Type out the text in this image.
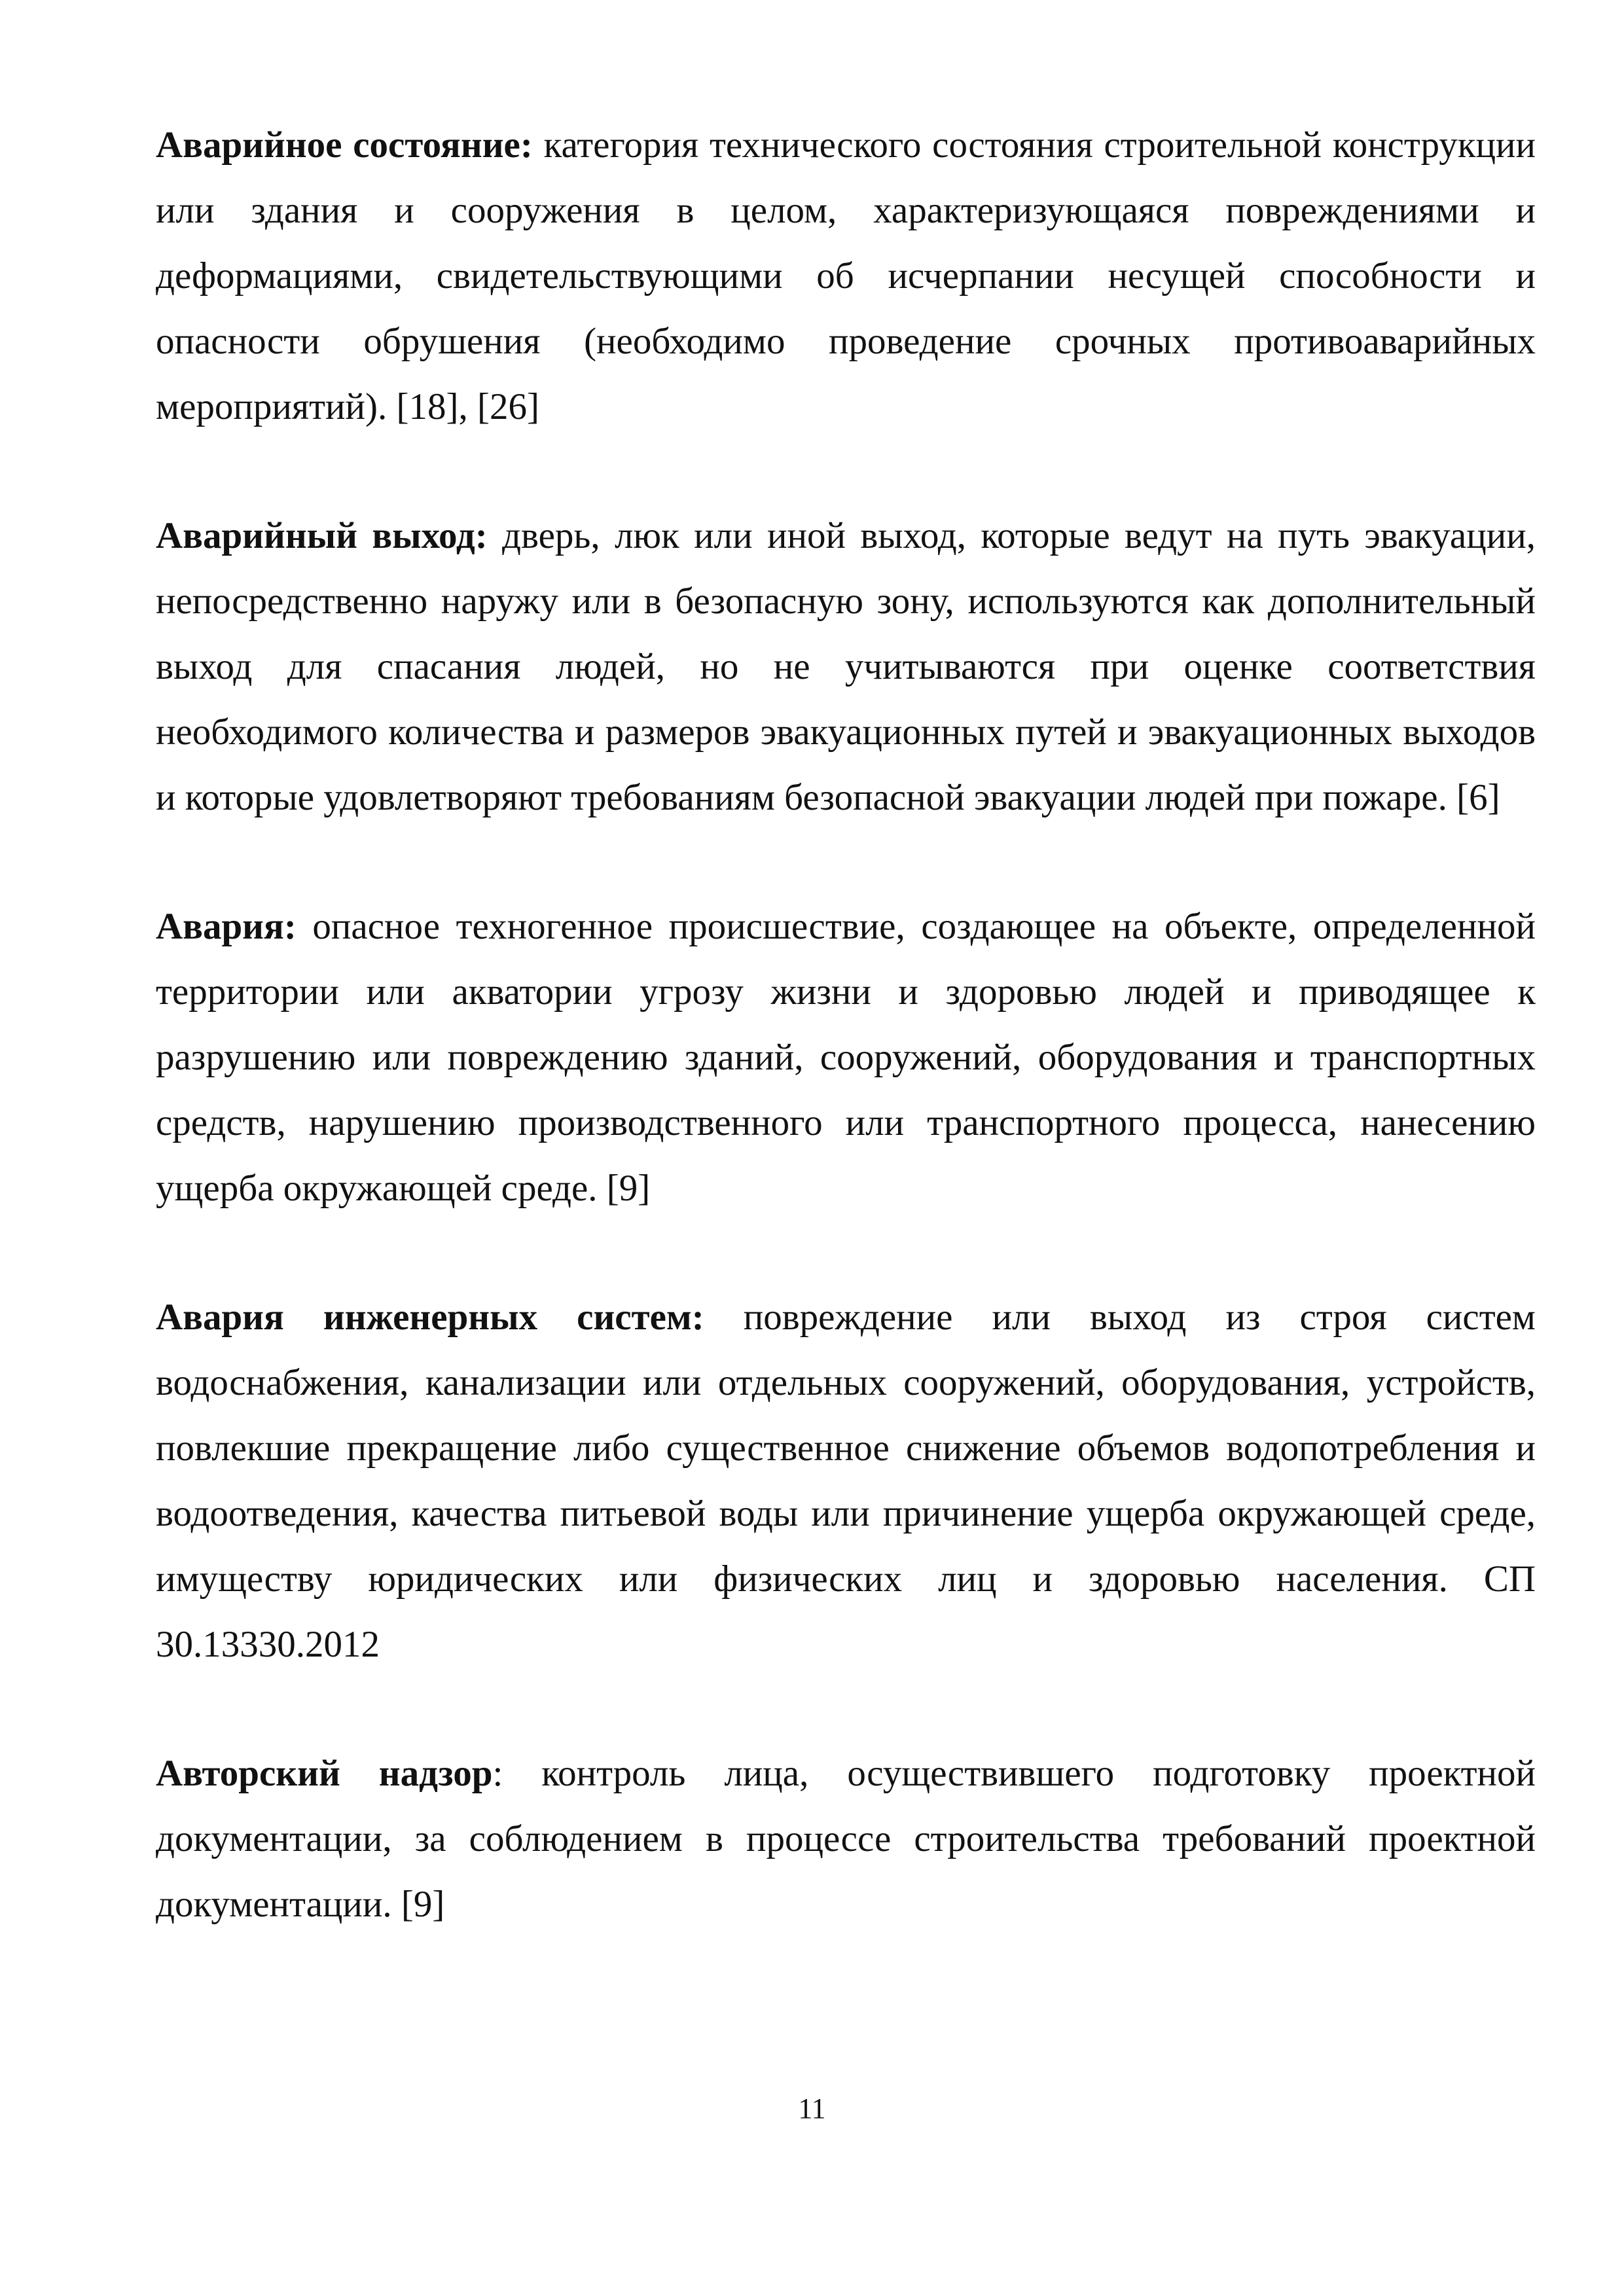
Аварийное состояние: категория технического состояния строительной конструкции или здания и сооружения в целом, характеризующаяся повреждениями и деформациями, свидетельствующими об исчерпании несущей способности и опасности обрушения (необходимо проведение срочных противоаварийных мероприятий). [18], [26]

Аварийный выход: дверь, люк или иной выход, которые ведут на путь эвакуации, непосредственно наружу или в безопасную зону, используются как дополнительный выход для спасания людей, но не учитываются при оценке соответствия необходимого количества и размеров эвакуационных путей и эвакуационных выходов и которые удовлетворяют требованиям безопасной эвакуации людей при пожаре. [6]

Авария: опасное техногенное происшествие, создающее на объекте, определенной территории или акватории угрозу жизни и здоровью людей и приводящее к разрушению или повреждению зданий, сооружений, оборудования и транспортных средств, нарушению производственного или транспортного процесса, нанесению ущерба окружающей среде. [9]

Авария инженерных систем: повреждение или выход из строя систем водоснабжения, канализации или отдельных сооружений, оборудования, устройств, повлекшие прекращение либо существенное снижение объемов водопотребления и водоотведения, качества питьевой воды или причинение ущерба окружающей среде, имуществу юридических или физических лиц и здоровью населения. СП 30.13330.2012

Авторский надзор: контроль лица, осуществившего подготовку проектной документации, за соблюдением в процессе строительства требований проектной документации. [9]

11
